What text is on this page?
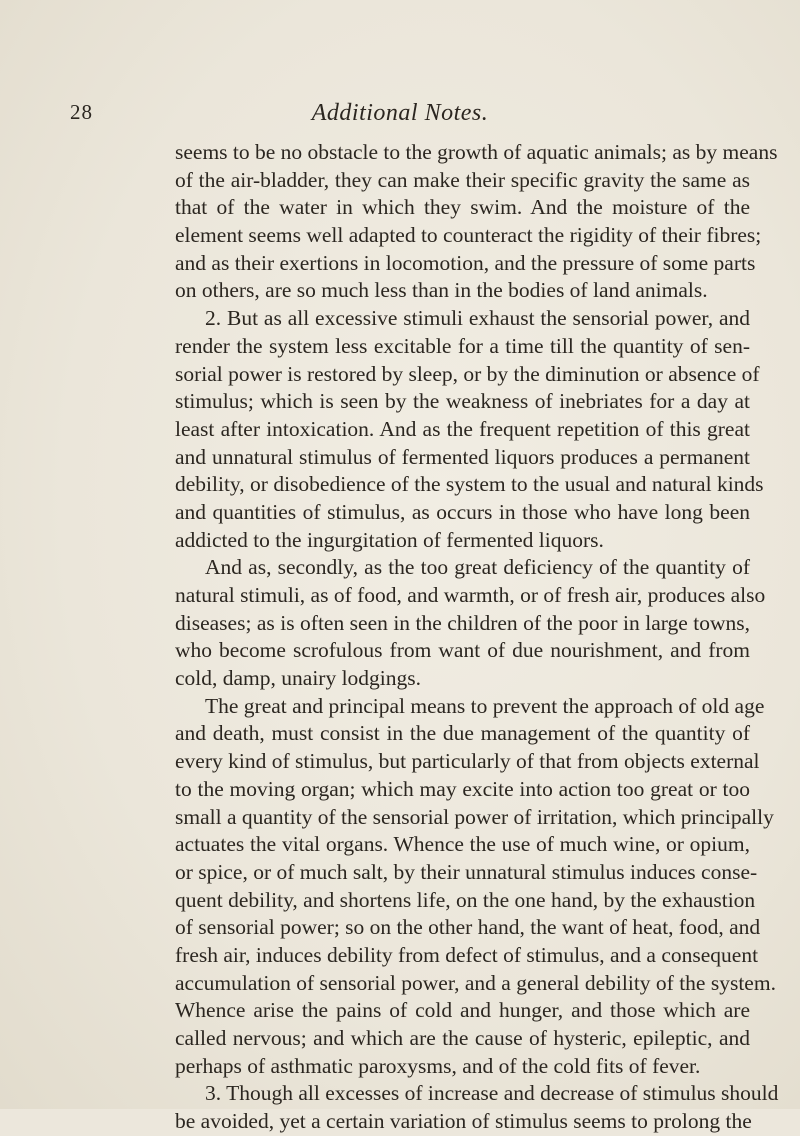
28	Additional Notes.
seems to be no obstacle to the growth of aquatic animals; as by means
of the air-bladder, they can make their specific gravity the same as
that of the water in which they swim. And the moisture of the
element seems well adapted to counteract the rigidity of their fibres;
and as their exertions in locomotion, and the pressure of some parts
on others, are so much less than in the bodies of land animals.
2. But as all excessive stimuli exhaust the sensorial power, and
render the system less excitable for a time till the quantity of sen-
sorial power is restored by sleep, or by the diminution or absence of
stimulus; which is seen by the weakness of inebriates for a day at
least after intoxication. And as the frequent repetition of this great
and unnatural stimulus of fermented liquors produces a permanent
debility, or disobedience of the system to the usual and natural kinds
and quantities of stimulus, as occurs in those who have long been
addicted to the ingurgitation of fermented liquors.
And as, secondly, as the too great deficiency of the quantity of
natural stimuli, as of food, and warmth, or of fresh air, produces also
diseases; as is often seen in the children of the poor in large towns,
who become scrofulous from want of due nourishment, and from
cold, damp, unairy lodgings.
The great and principal means to prevent the approach of old age
and death, must consist in the due management of the quantity of
every kind of stimulus, but particularly of that from objects external
to the moving organ; which may excite into action too great or too
small a quantity of the sensorial power of irritation, which principally
actuates the vital organs. Whence the use of much wine, or opium,
or spice, or of much salt, by their unnatural stimulus induces conse-
quent debility, and shortens life, on the one hand, by the exhaustion
of sensorial power; so on the other hand, the want of heat, food, and
fresh air, induces debility from defect of stimulus, and a consequent
accumulation of sensorial power, and a general debility of the system.
Whence arise the pains of cold and hunger, and those which are
called nervous; and which are the cause of hysteric, epileptic, and
perhaps of asthmatic paroxysms, and of the cold fits of fever.
3. Though all excesses of increase and decrease of stimulus should
be avoided, yet a certain variation of stimulus seems to prolong the
